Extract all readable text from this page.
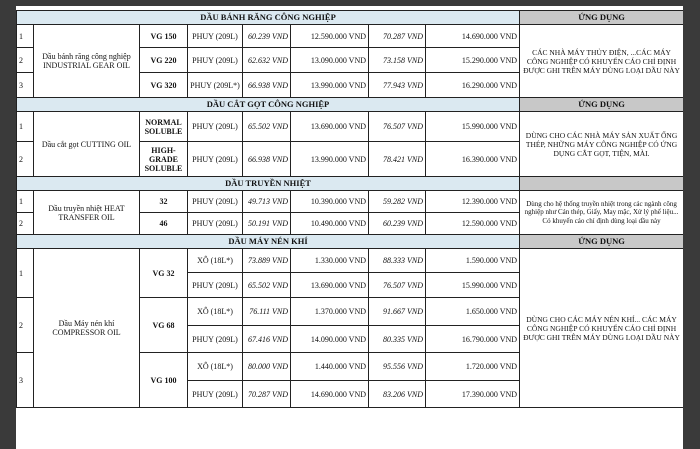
DẦU BÁNH RĂNG CÔNG NGHIỆP								ỨNG DỤNG
1	Dầu bánh răng công nghiệp INDUSTRIAL GEAR OIL	VG 150	PHUY (209L)	60.239 VND	12.590.000 VND	70.287 VND	14.690.000 VND	CÁC NHÀ MÁY THỦY ĐIỆN, ...CÁC MÁY CÔNG NGHIỆP CÓ KHUYẾN CÁO CHỈ ĐỊNH ĐƯỢC GHI TRÊN MÁY DÙNG LOẠI DẦU NÀY
2		VG 220	PHUY (209L)	62.632 VND	13.090.000 VND	73.158 VND	15.290.000 VND	
3		VG 320	PHUY (209L*)	66.938 VND	13.990.000 VND	77.943 VND	16.290.000 VND	
DẦU CẮT GỌT CÔNG NGHIỆP								ỨNG DỤNG
1	Dầu cắt gọt CUTTING OIL	NORMAL SOLUBLE	PHUY (209L)	65.502 VND	13.690.000 VND	76.507 VND	15.990.000 VND	DÙNG CHO CÁC NHÀ MÁY SẢN XUẤT ỐNG THÉP, NHỮNG MÁY CÔNG NGHIỆP CÓ ỨNG DỤNG CẮT GỌT, TIỆN, MÀI.
2		HIGH-GRADE SOLUBLE	PHUY (209L)	66.938 VND	13.990.000 VND	78.421 VND	16.390.000 VND	
DẦU TRUYỀN NHIỆT								
1	Dầu truyền nhiệt HEAT TRANSFER OIL	32	PHUY (209L)	49.713 VND	10.390.000 VND	59.282 VND	12.390.000 VND	Dùng cho hệ thống truyền nhiệt trong các ngành công nghiệp như Cán thép, Giấy, May mặc, Xử lý phế liệu... Có khuyến cáo chỉ định dùng loại dầu này
2		46	PHUY (209L)	50.191 VND	10.490.000 VND	60.239 VND	12.590.000 VND	
DẦU MÁY NÉN KHÍ								ỨNG DỤNG
1	Dầu Máy nén khí COMPRESSOR OIL	VG 32	XÔ (18L*)	73.889 VND	1.330.000 VND	88.333 VND	1.590.000 VND	DÙNG CHO CÁC MÁY NÉN KHÍ... CÁC MÁY CÔNG NGHIỆP CÓ KHUYẾN CÁO CHỈ ĐỊNH ĐƯỢC GHI TRÊN MÁY DÙNG LOẠI DẦU NÀY
			PHUY (209L)	65.502 VND	13.690.000 VND	76.507 VND	15.990.000 VND	
2		VG 68	XÔ (18L*)	76.111 VND	1.370.000 VND	91.667 VND	1.650.000 VND	
			PHUY (209L)	67.416 VND	14.090.000 VND	80.335 VND	16.790.000 VND	
3		VG 100	XÔ (18L*)	80.000 VND	1.440.000 VND	95.556 VND	1.720.000 VND	
			PHUY (209L)	70.287 VND	14.690.000 VND	83.206 VND	17.390.000 VND	
